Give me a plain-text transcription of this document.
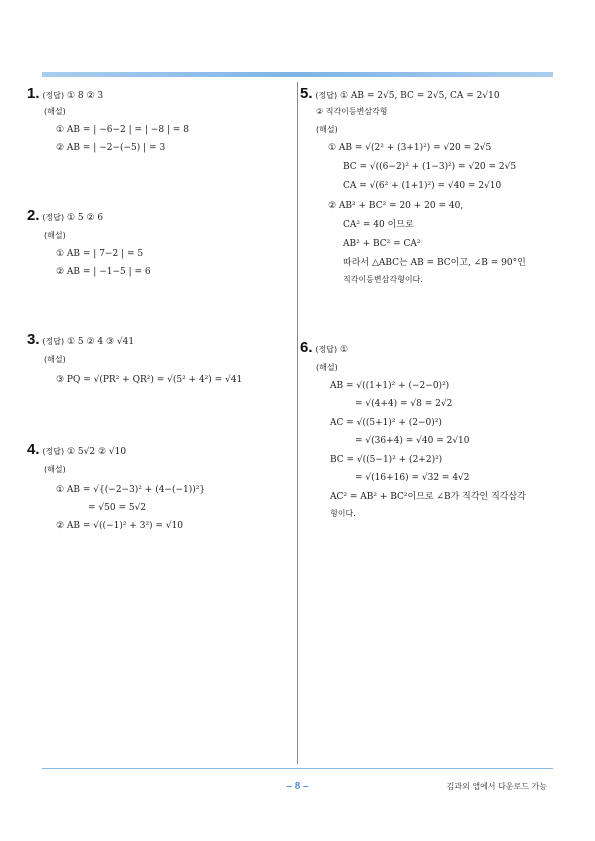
1. (정답) ① 8 ② 3
(해설)
① AB = | −6−2 | = | −8 | = 8
② AB = | −2−(−5) | = 3
2. (정답) ① 5 ② 6
(해설)
① AB = | 7−2 | = 5
② AB = | −1−5 | = 6
3. (정답) ① 5 ② 4 ③ √41
(해설)
③ PQ = √(PR² + QR²) = √(5² + 4²) = √41
4. (정답) ① 5√2 ② √10
(해설)
① AB = √{(−2−3)² + (4−(−1))²}
= √50 = 5√2
② AB = √((−1)² + 3²) = √10
5. (정답) ① AB = 2√5, BC = 2√5, CA = 2√10
② 직각이등변삼각형
(해설)
① AB = √(2² + (3+1)²) = √20 = 2√5
BC = √((6−2)² + (1−3)²) = √20 = 2√5
CA = √(6² + (1+1)²) = √40 = 2√10
② AB² + BC² = 20 + 20 = 40,
CA² = 40 이므로
AB² + BC² = CA²
따라서 △ABC는 AB = BC이고, ∠B = 90°인
직각이등변삼각형이다.
6. (정답) ①
(해설)
AB = √((1+1)² + (−2−0)²)
= √(4+4) = √8 = 2√2
AC = √((5+1)² + (2−0)²)
= √(36+4) = √40 = 2√10
BC = √((5−1)² + (2+2)²)
= √(16+16) = √32 = 4√2
AC² = AB² + BC²이므로 ∠B가 직각인 직각삼각
형이다.
– 8 –	김과외 앱에서 다운로드 가능
